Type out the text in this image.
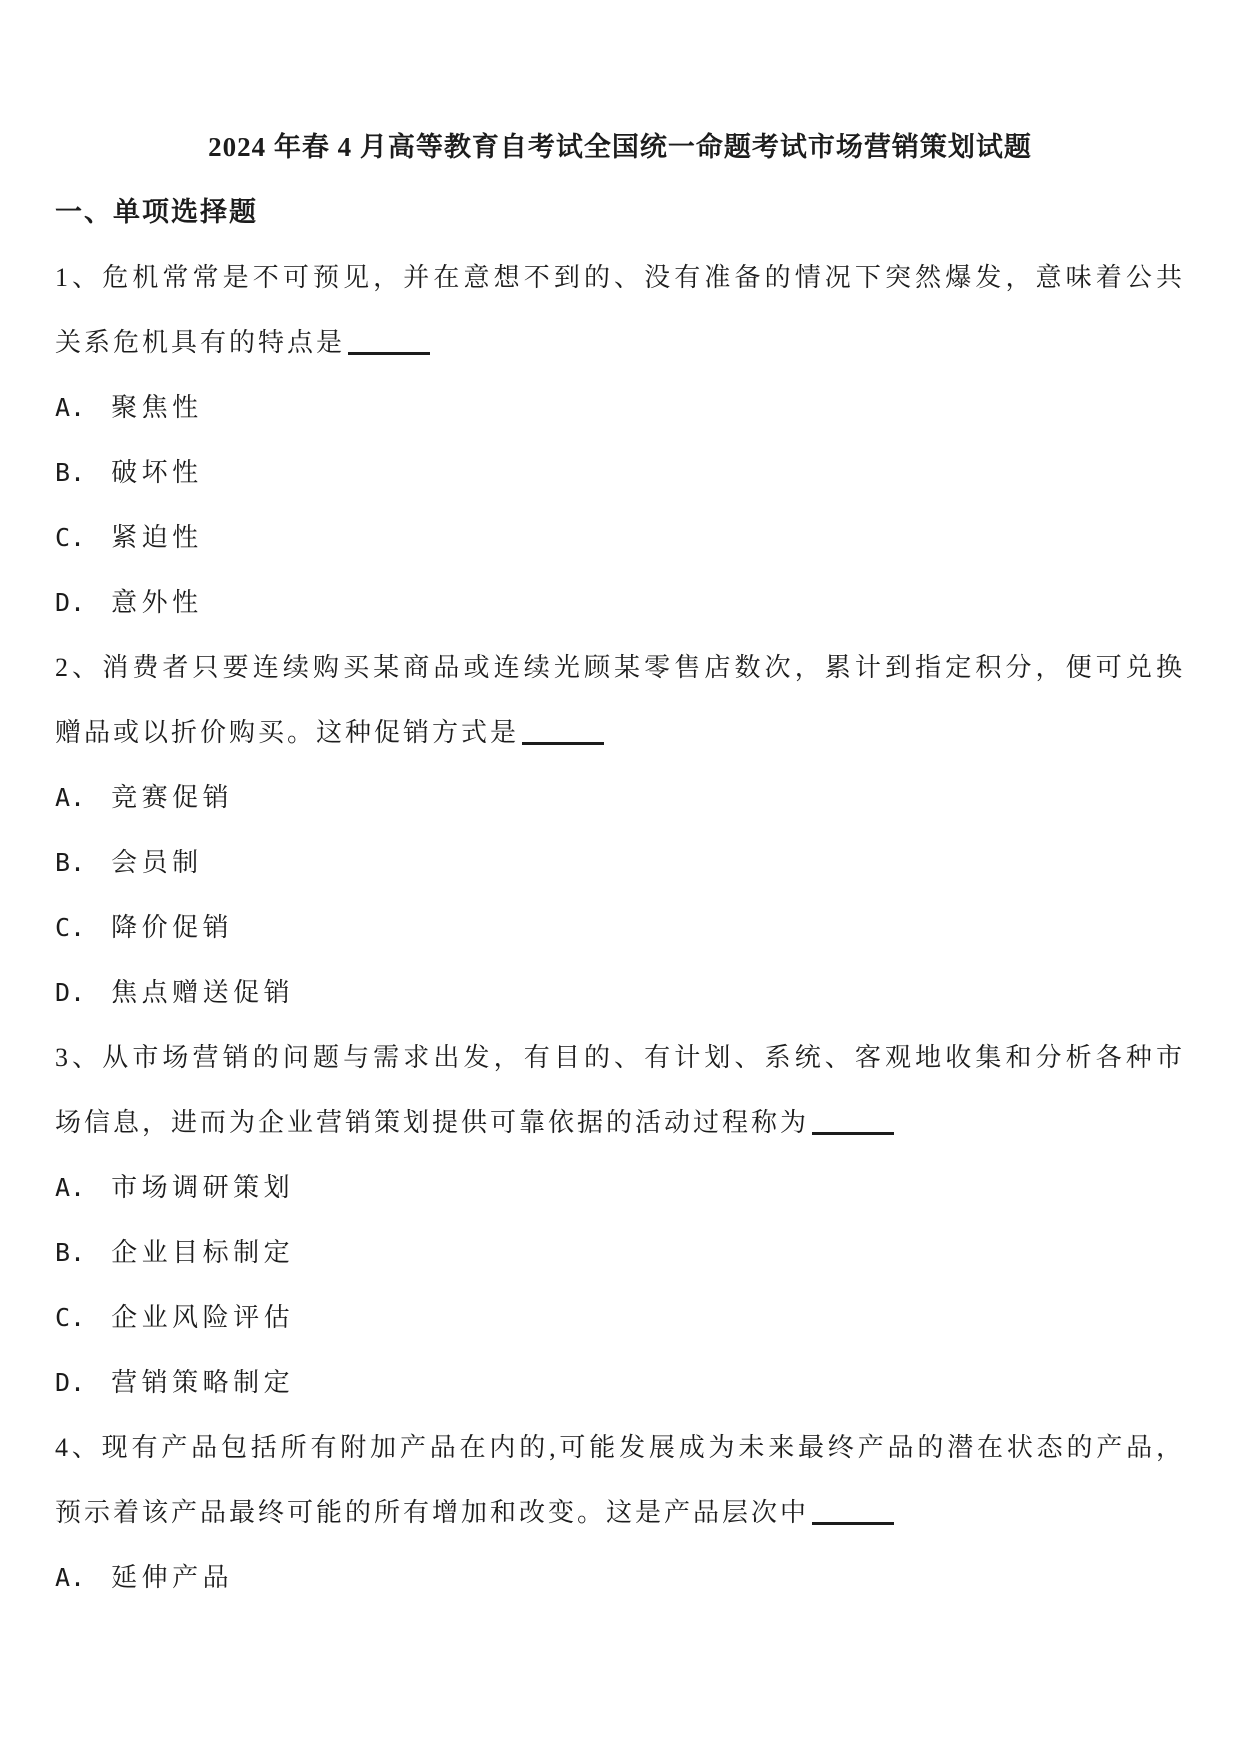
2024 年春 4 月高等教育自考试全国统一命题考试市场营销策划试题
一、单项选择题
1、危机常常是不可预见，并在意想不到的、没有准备的情况下突然爆发，意味着公共
关系危机具有的特点是
A. 聚焦性
B. 破坏性
C. 紧迫性
D. 意外性
2、消费者只要连续购买某商品或连续光顾某零售店数次，累计到指定积分，便可兑换
赠品或以折价购买。这种促销方式是
A. 竞赛促销
B. 会员制
C. 降价促销
D. 焦点赠送促销
3、从市场营销的问题与需求出发，有目的、有计划、系统、客观地收集和分析各种市
场信息，进而为企业营销策划提供可靠依据的活动过程称为
A. 市场调研策划
B. 企业目标制定
C. 企业风险评估
D. 营销策略制定
4、现有产品包括所有附加产品在内的,可能发展成为未来最终产品的潜在状态的产品，
预示着该产品最终可能的所有增加和改变。这是产品层次中
A. 延伸产品
